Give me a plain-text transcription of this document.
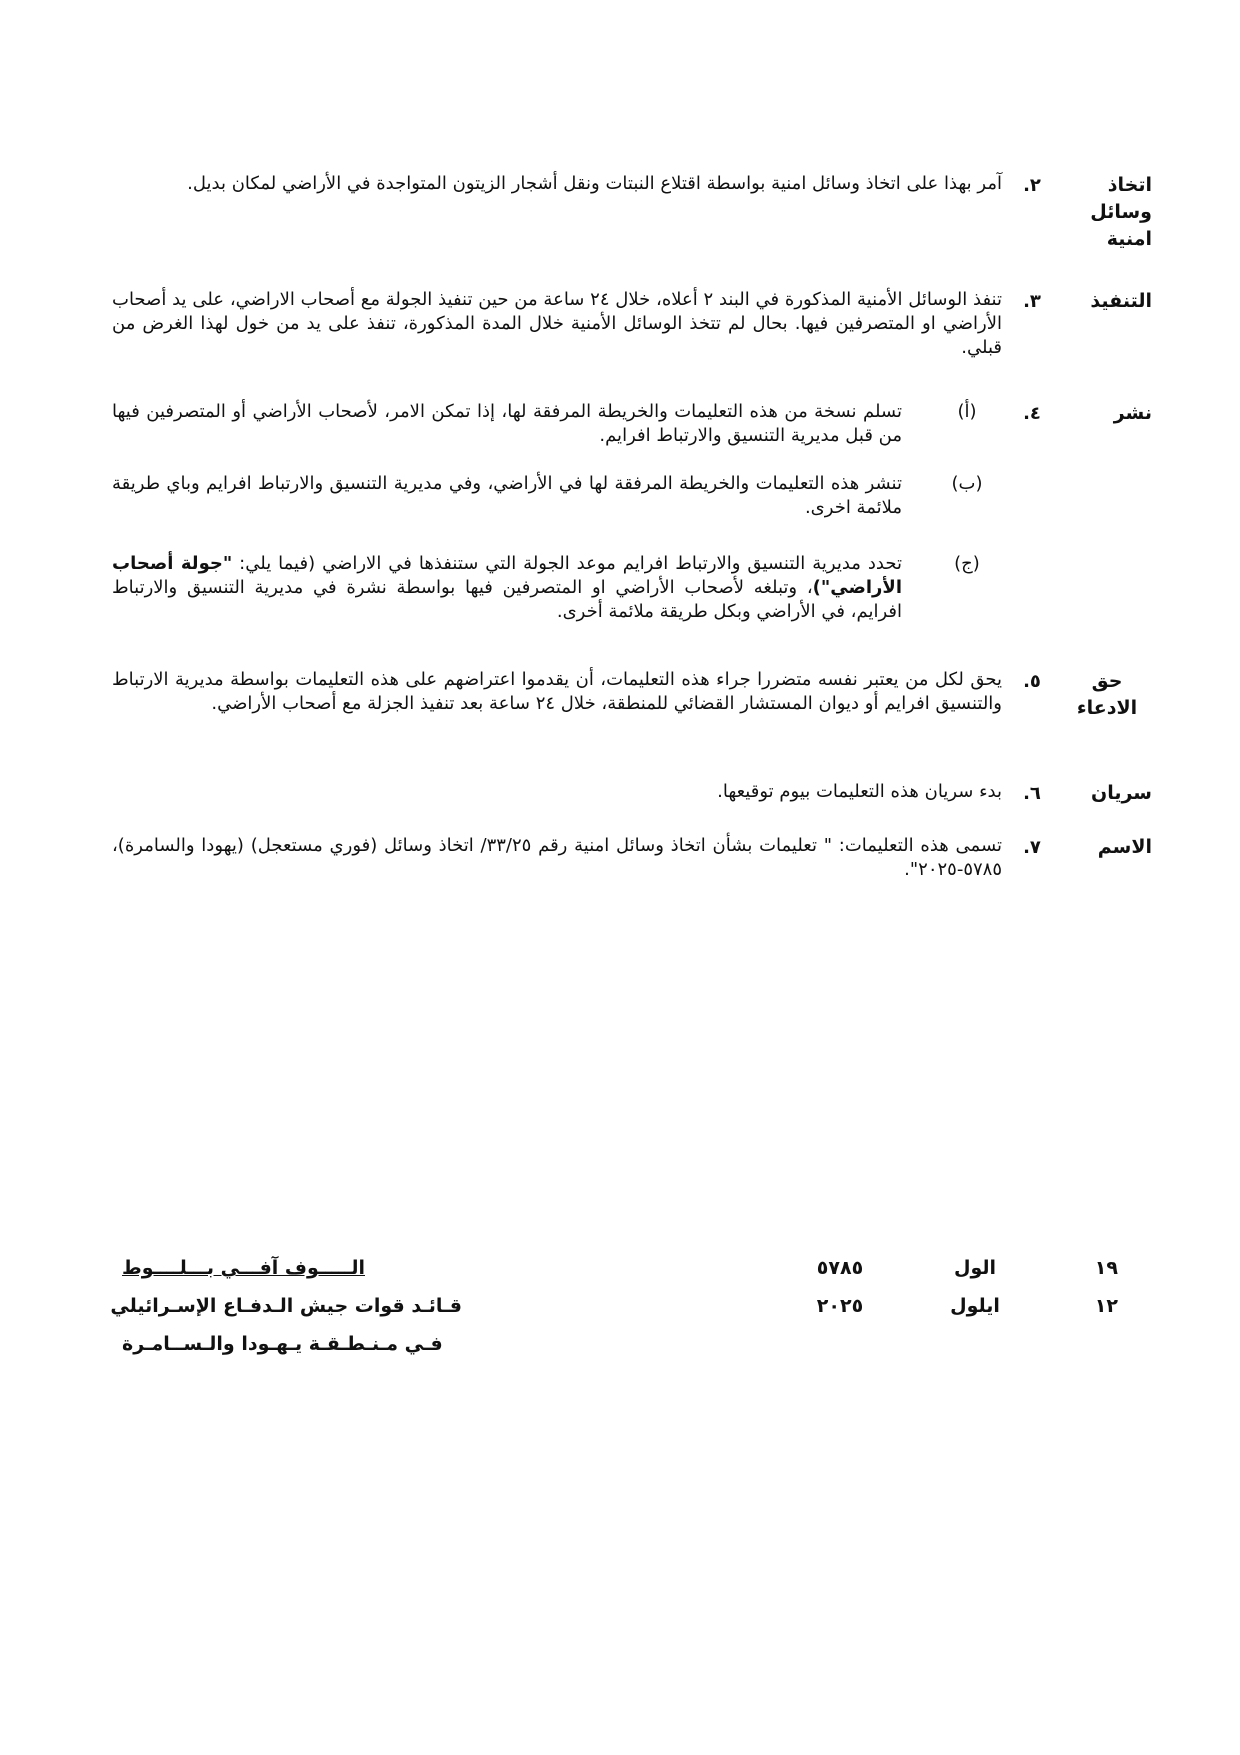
اتخاذ وسائل امنية
٢.
آمر بهذا على اتخاذ وسائل امنية بواسطة اقتلاع النبتات ونقل أشجار الزيتون المتواجدة في الأراضي لمكان بديل.
التنفيذ
٣.
تنفذ الوسائل الأمنية المذكورة في البند ٢ أعلاه، خلال ٢٤ ساعة من حين تنفيذ الجولة مع أصحاب الاراضي، على يد أصحاب الأراضي او المتصرفين فيها. بحال لم تتخذ الوسائل الأمنية خلال المدة المذكورة، تنفذ على يد من خول لهذا الغرض من قبلي.
نشر
٤.
(أ)
تسلم نسخة من هذه التعليمات والخريطة المرفقة لها، إذا تمكن الامر، لأصحاب الأراضي أو المتصرفين فيها من قبل مديرية التنسيق والارتباط افرايم.
(ب)
تنشر هذه التعليمات والخريطة المرفقة لها في الأراضي، وفي مديرية التنسيق والارتباط افرايم وباي طريقة ملائمة اخرى.
(ج)
تحدد مديرية التنسيق والارتباط افرايم موعد الجولة التي ستنفذها في الاراضي (فيما يلي: "جولة أصحاب الأراضي")، وتبلغه لأصحاب الأراضي او المتصرفين فيها بواسطة نشرة في مديرية التنسيق والارتباط افرايم، في الأراضي وبكل طريقة ملائمة أخرى.
حق الادعاء
٥.
يحق لكل من يعتبر نفسه متضررا جراء هذه التعليمات، أن يقدموا اعتراضهم على هذه التعليمات بواسطة مديرية الارتباط والتنسيق افرايم أو ديوان المستشار القضائي للمنطقة، خلال ٢٤ ساعة بعد تنفيذ الجزلة مع أصحاب الأراضي.
سريان
٦.
بدء سريان هذه التعليمات بيوم توقيعها.
الاسم
٧.
تسمى هذه التعليمات: " تعليمات بشأن اتخاذ وسائل امنية رقم ٣٣/٢٥/ اتخاذ وسائل (فوري مستعجل) (يهودا والسامرة)، ٥٧٨٥-٢٠٢٥".
١٩
١٢
الول
ايلول
٥٧٨٥
٢٠٢٥
الـــــوف آفـــي بـــلــــوط
قـائـد قوات جيش الـدفـاع الإسـرائيلي
فـي مـنـطـقـة يـهـودا والـســامـرة
